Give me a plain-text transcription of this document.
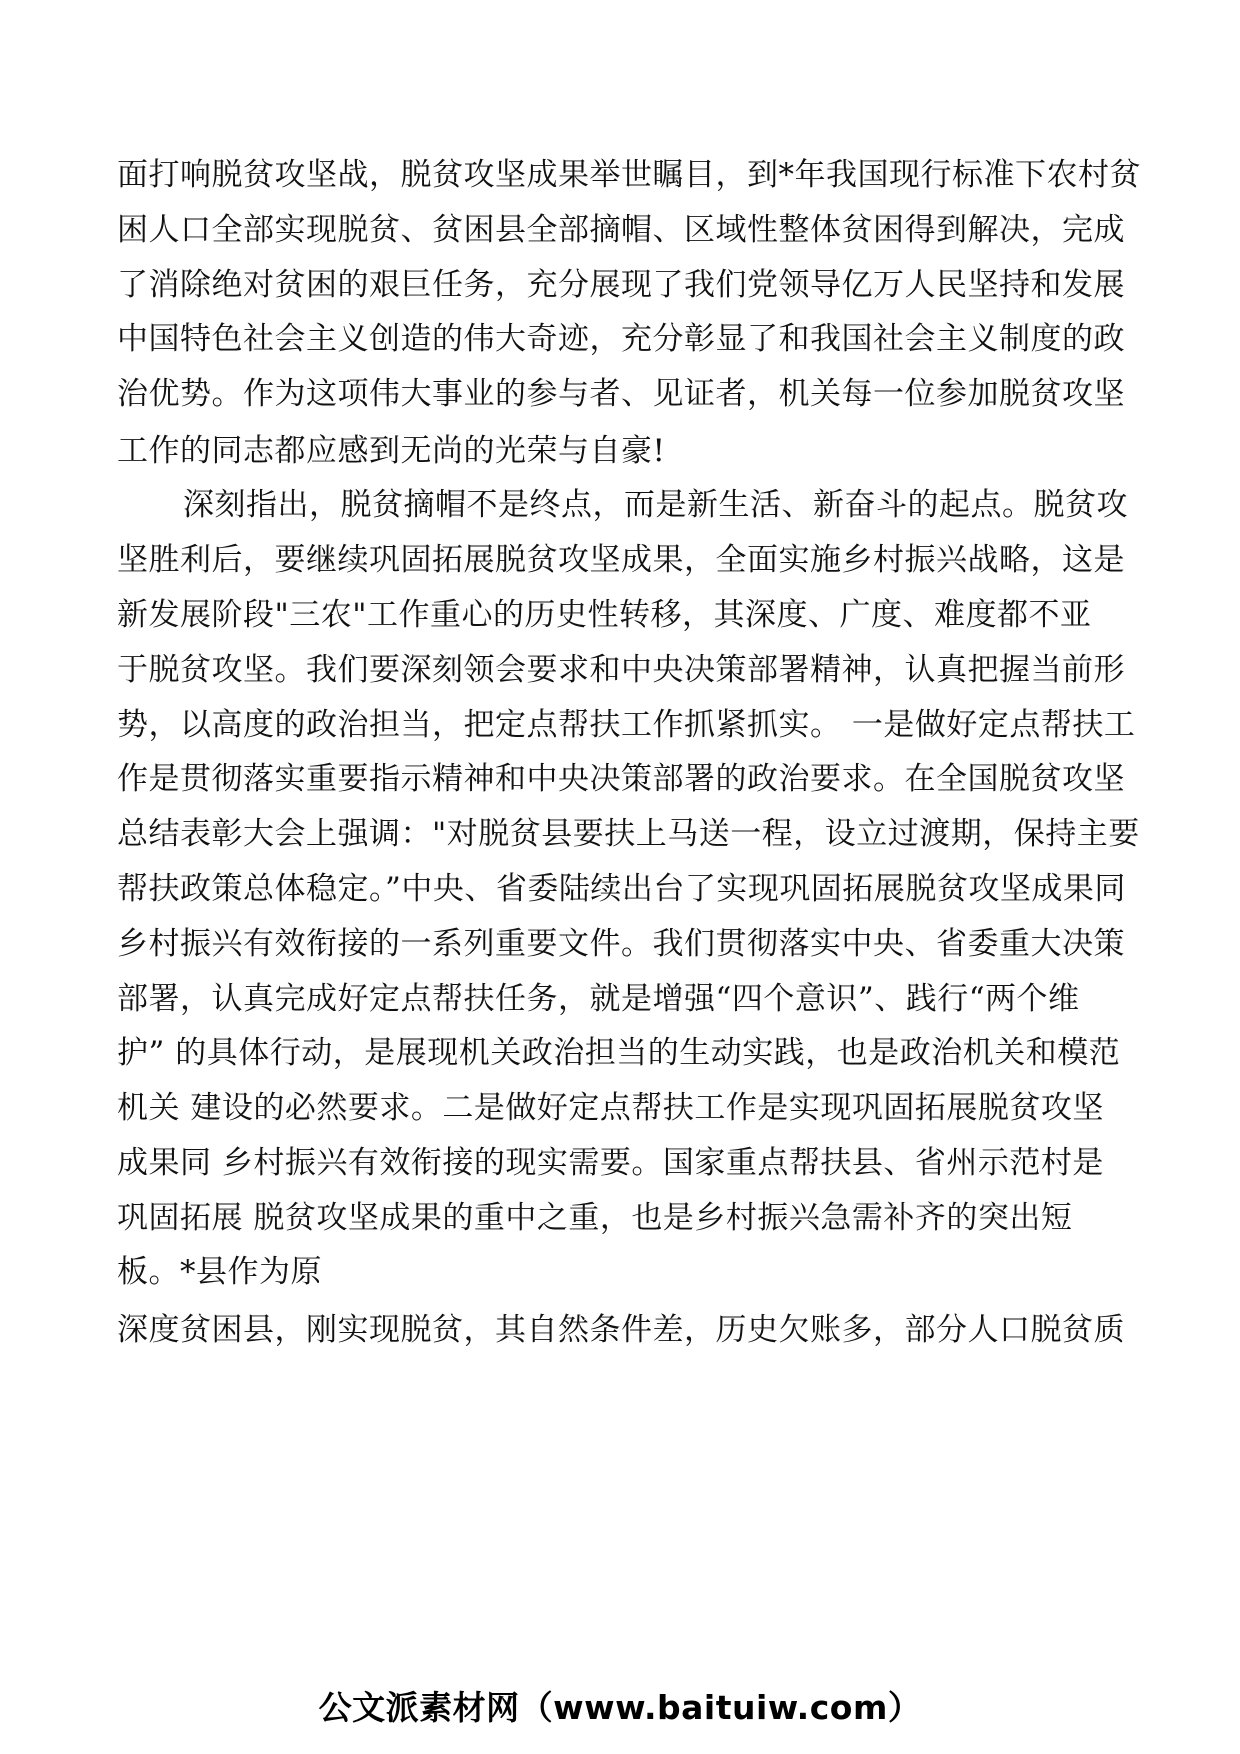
面打响脱贫攻坚战，脱贫攻坚成果举世瞩目，到*年我国现行标准下农村贫
困人口全部实现脱贫、贫困县全部摘帽、区域性整体贫困得到解决，完成
了消除绝对贫困的艰巨任务，充分展现了我们党领导亿万人民坚持和发展
中国特色社会主义创造的伟大奇迹，充分彰显了和我国社会主义制度的政
治优势。作为这项伟大事业的参与者、见证者，机关每一位参加脱贫攻坚
工作的同志都应感到无尚的光荣与自豪!
深刻指出，脱贫摘帽不是终点，而是新生活、新奋斗的起点。脱贫攻
坚胜利后，要继续巩固拓展脱贫攻坚成果，全面实施乡村振兴战略，这是
新发展阶段"三农"工作重心的历史性转移，其深度、广度、难度都不亚
于脱贫攻坚。我们要深刻领会要求和中央决策部署精神，认真把握当前形
势，以高度的政治担当，把定点帮扶工作抓紧抓实。 一是做好定点帮扶工
作是贯彻落实重要指示精神和中央决策部署的政治要求。在全国脱贫攻坚
总结表彰大会上强调："对脱贫县要扶上马送一程，设立过渡期，保持主要
帮扶政策总体稳定。”中央、省委陆续出台了实现巩固拓展脱贫攻坚成果同
乡村振兴有效衔接的一系列重要文件。我们贯彻落实中央、省委重大决策
部署，认真完成好定点帮扶任务，就是增强“四个意识”、践行“两个维
护” 的具体行动，是展现机关政治担当的生动实践，也是政治机关和模范
机关 建设的必然要求。二是做好定点帮扶工作是实现巩固拓展脱贫攻坚
成果同 乡村振兴有效衔接的现实需要。国家重点帮扶县、省州示范村是
巩固拓展 脱贫攻坚成果的重中之重，也是乡村振兴急需补齐的突出短
板。*县作为原
深度贫困县，刚实现脱贫，其自然条件差，历史欠账多，部分人口脱贫质
公文派素材网（www.baituiw.com）
